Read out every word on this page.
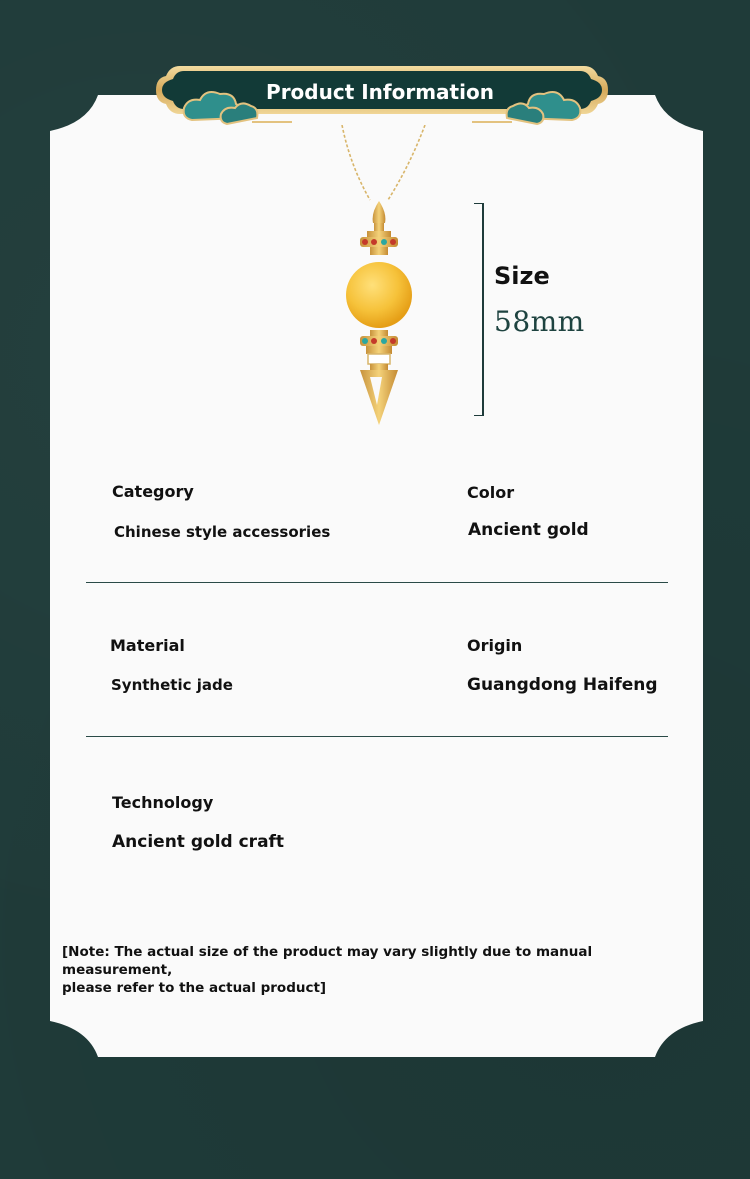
Product Information
Size
58mm
Category
Chinese style accessories
Color
Ancient gold
Material
Synthetic jade
Origin
Guangdong Haifeng
Technology
Ancient gold craft
[Note: The actual size of the product may vary slightly due to manual measurement,
please refer to the actual product]
